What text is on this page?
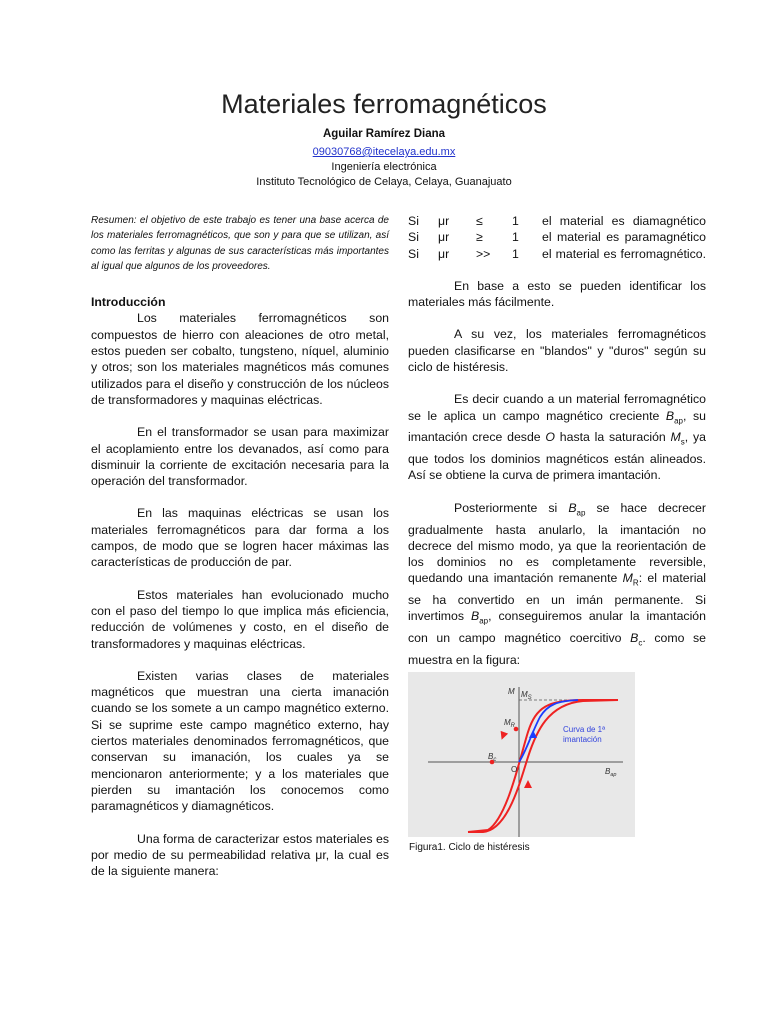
Materiales ferromagnéticos
Aguilar Ramírez Diana
09030768@itecelaya.edu.mx
Ingeniería electrónica
Instituto Tecnológico de Celaya, Celaya, Guanajuato

Resumen: el objetivo de este trabajo es tener una base acerca de los materiales ferromagnéticos, que son y para que se utilizan, así como las ferritas y algunas de sus características más importantes al igual que algunos de los proveedores.

Introducción

Los materiales ferromagnéticos son compuestos de hierro con aleaciones de otro metal, estos pueden ser cobalto, tungsteno, níquel, aluminio y otros; son los materiales magnéticos más comunes utilizados para el diseño y construcción de los núcleos de transformadores y maquinas eléctricas.

En el transformador se usan para maximizar el acoplamiento entre los devanados, así como para disminuir la corriente de excitación necesaria para la operación del transformador.

En las maquinas eléctricas se usan los materiales ferromagnéticos para dar forma a los campos, de modo que se logren hacer máximas las características de producción de par.

Estos materiales han evolucionado mucho con el paso del tiempo lo que implica más eficiencia, reducción de volúmenes y costo, en el diseño de transformadores y maquinas eléctricas.

Existen varias clases de materiales magnéticos que muestran una cierta imanación cuando se los somete a un campo magnético externo. Si se suprime este campo magnético externo, hay ciertos materiales denominados ferromagnéticos, que conservan su imanación, los cuales ya se mencionaron anteriormente; y a los materiales que pierden su imantación los conocemos como paramagnéticos y diamagnéticos.

Una forma de caracterizar estos materiales es por medio de su permeabilidad relativa μr, la cual es de la siguiente manera:

Si	μr	≤	1	el material es diamagnético

Si	μr	≥	1	el material es paramagnético

Si	μr	>>	1	el material es ferromagnético.

En base a esto se pueden identificar los materiales más fácilmente.

A su vez, los materiales ferromagnéticos pueden clasificarse en "blandos" y "duros" según su ciclo de histéresis.

Es decir cuando a un material ferromagnético se le aplica un campo magnético creciente $B_{ap}$, su imantación crece desde O hasta la saturación $M_s$, ya que todos los dominios magnéticos están alineados. Así se obtiene la curva de primera imantación.

Posteriormente si $B_{ap}$ se hace decrecer gradualmente hasta anularlo, la imantación no decrece del mismo modo, ya que la reorientación de los dominios no es completamente reversible, quedando una imantación remanente $M_R$: el material se ha convertido en un imán permanente. Si invertimos $B_{ap}$, conseguiremos anular la imantación con un campo magnético coercitivo $B_c$. como se muestra en la figura:

M $M_S$
$M_R$
$B_c$
O	$B_{ap}$
Curva de 1ª
imantación
Figura1. Ciclo de histéresis
